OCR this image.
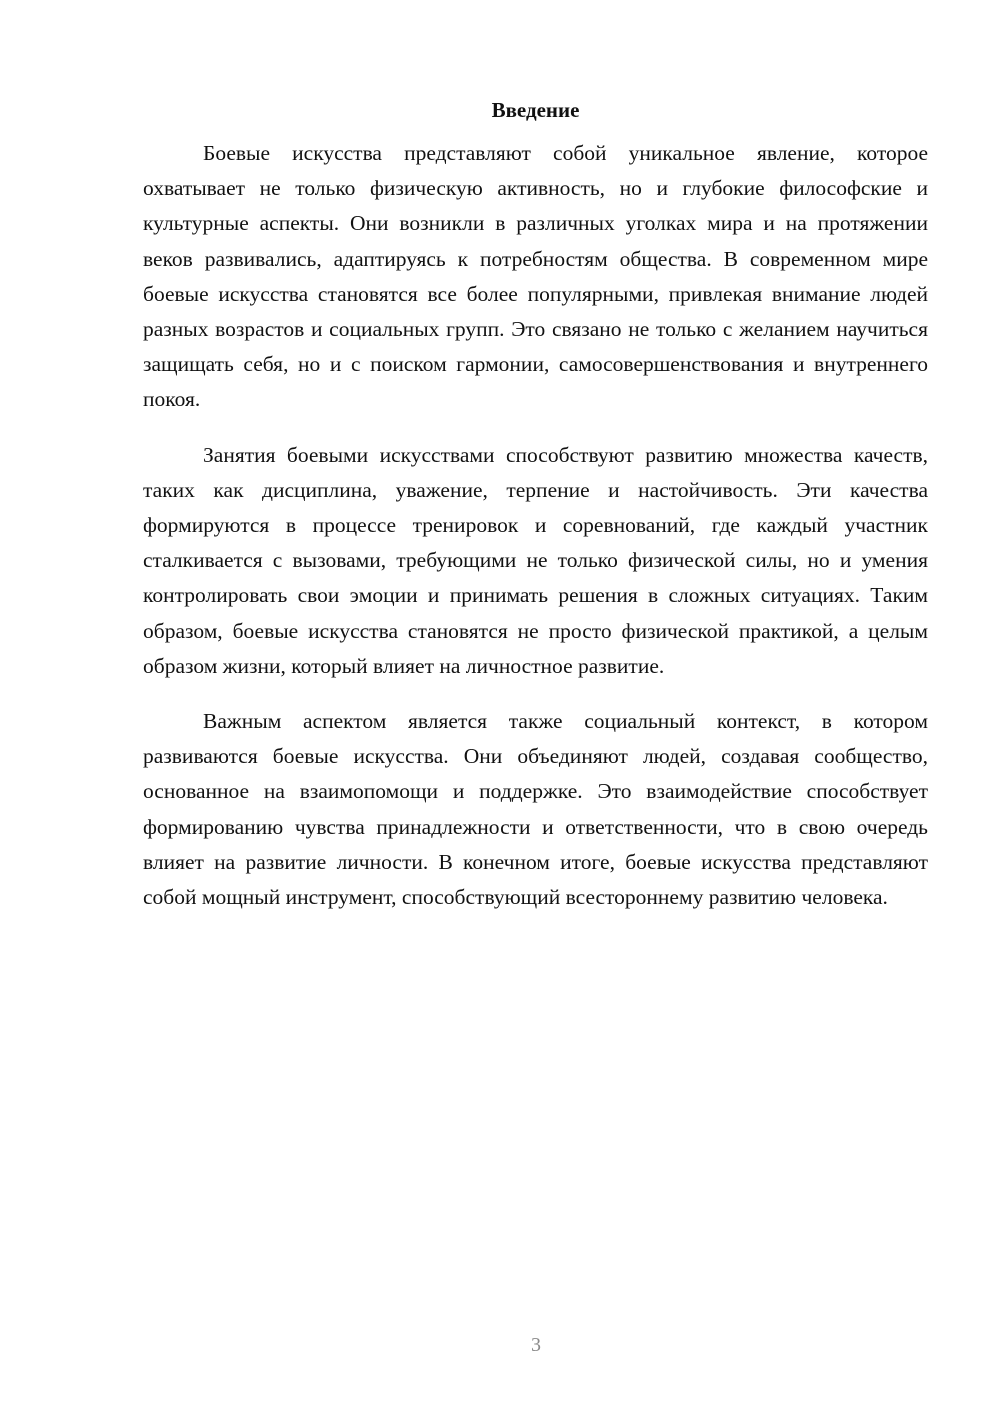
Введение

Боевые искусства представляют собой уникальное явление, которое охватывает не только физическую активность, но и глубокие философские и культурные аспекты. Они возникли в различных уголках мира и на протяжении веков развивались, адаптируясь к потребностям общества. В современном мире боевые искусства становятся все более популярными, привлекая внимание людей разных возрастов и социальных групп. Это связано не только с желанием научиться защищать себя, но и с поиском гармонии, самосовершенствования и внутреннего покоя.

Занятия боевыми искусствами способствуют развитию множества качеств, таких как дисциплина, уважение, терпение и настойчивость. Эти качества формируются в процессе тренировок и соревнований, где каждый участник сталкивается с вызовами, требующими не только физической силы, но и умения контролировать свои эмоции и принимать решения в сложных ситуациях. Таким образом, боевые искусства становятся не просто физической практикой, а целым образом жизни, который влияет на личностное развитие.

Важным аспектом является также социальный контекст, в котором развиваются боевые искусства. Они объединяют людей, создавая сообщество, основанное на взаимопомощи и поддержке. Это взаимодействие способствует формированию чувства принадлежности и ответственности, что в свою очередь влияет на развитие личности. В конечном итоге, боевые искусства представляют собой мощный инструмент, способствующий всестороннему развитию человека.

3
